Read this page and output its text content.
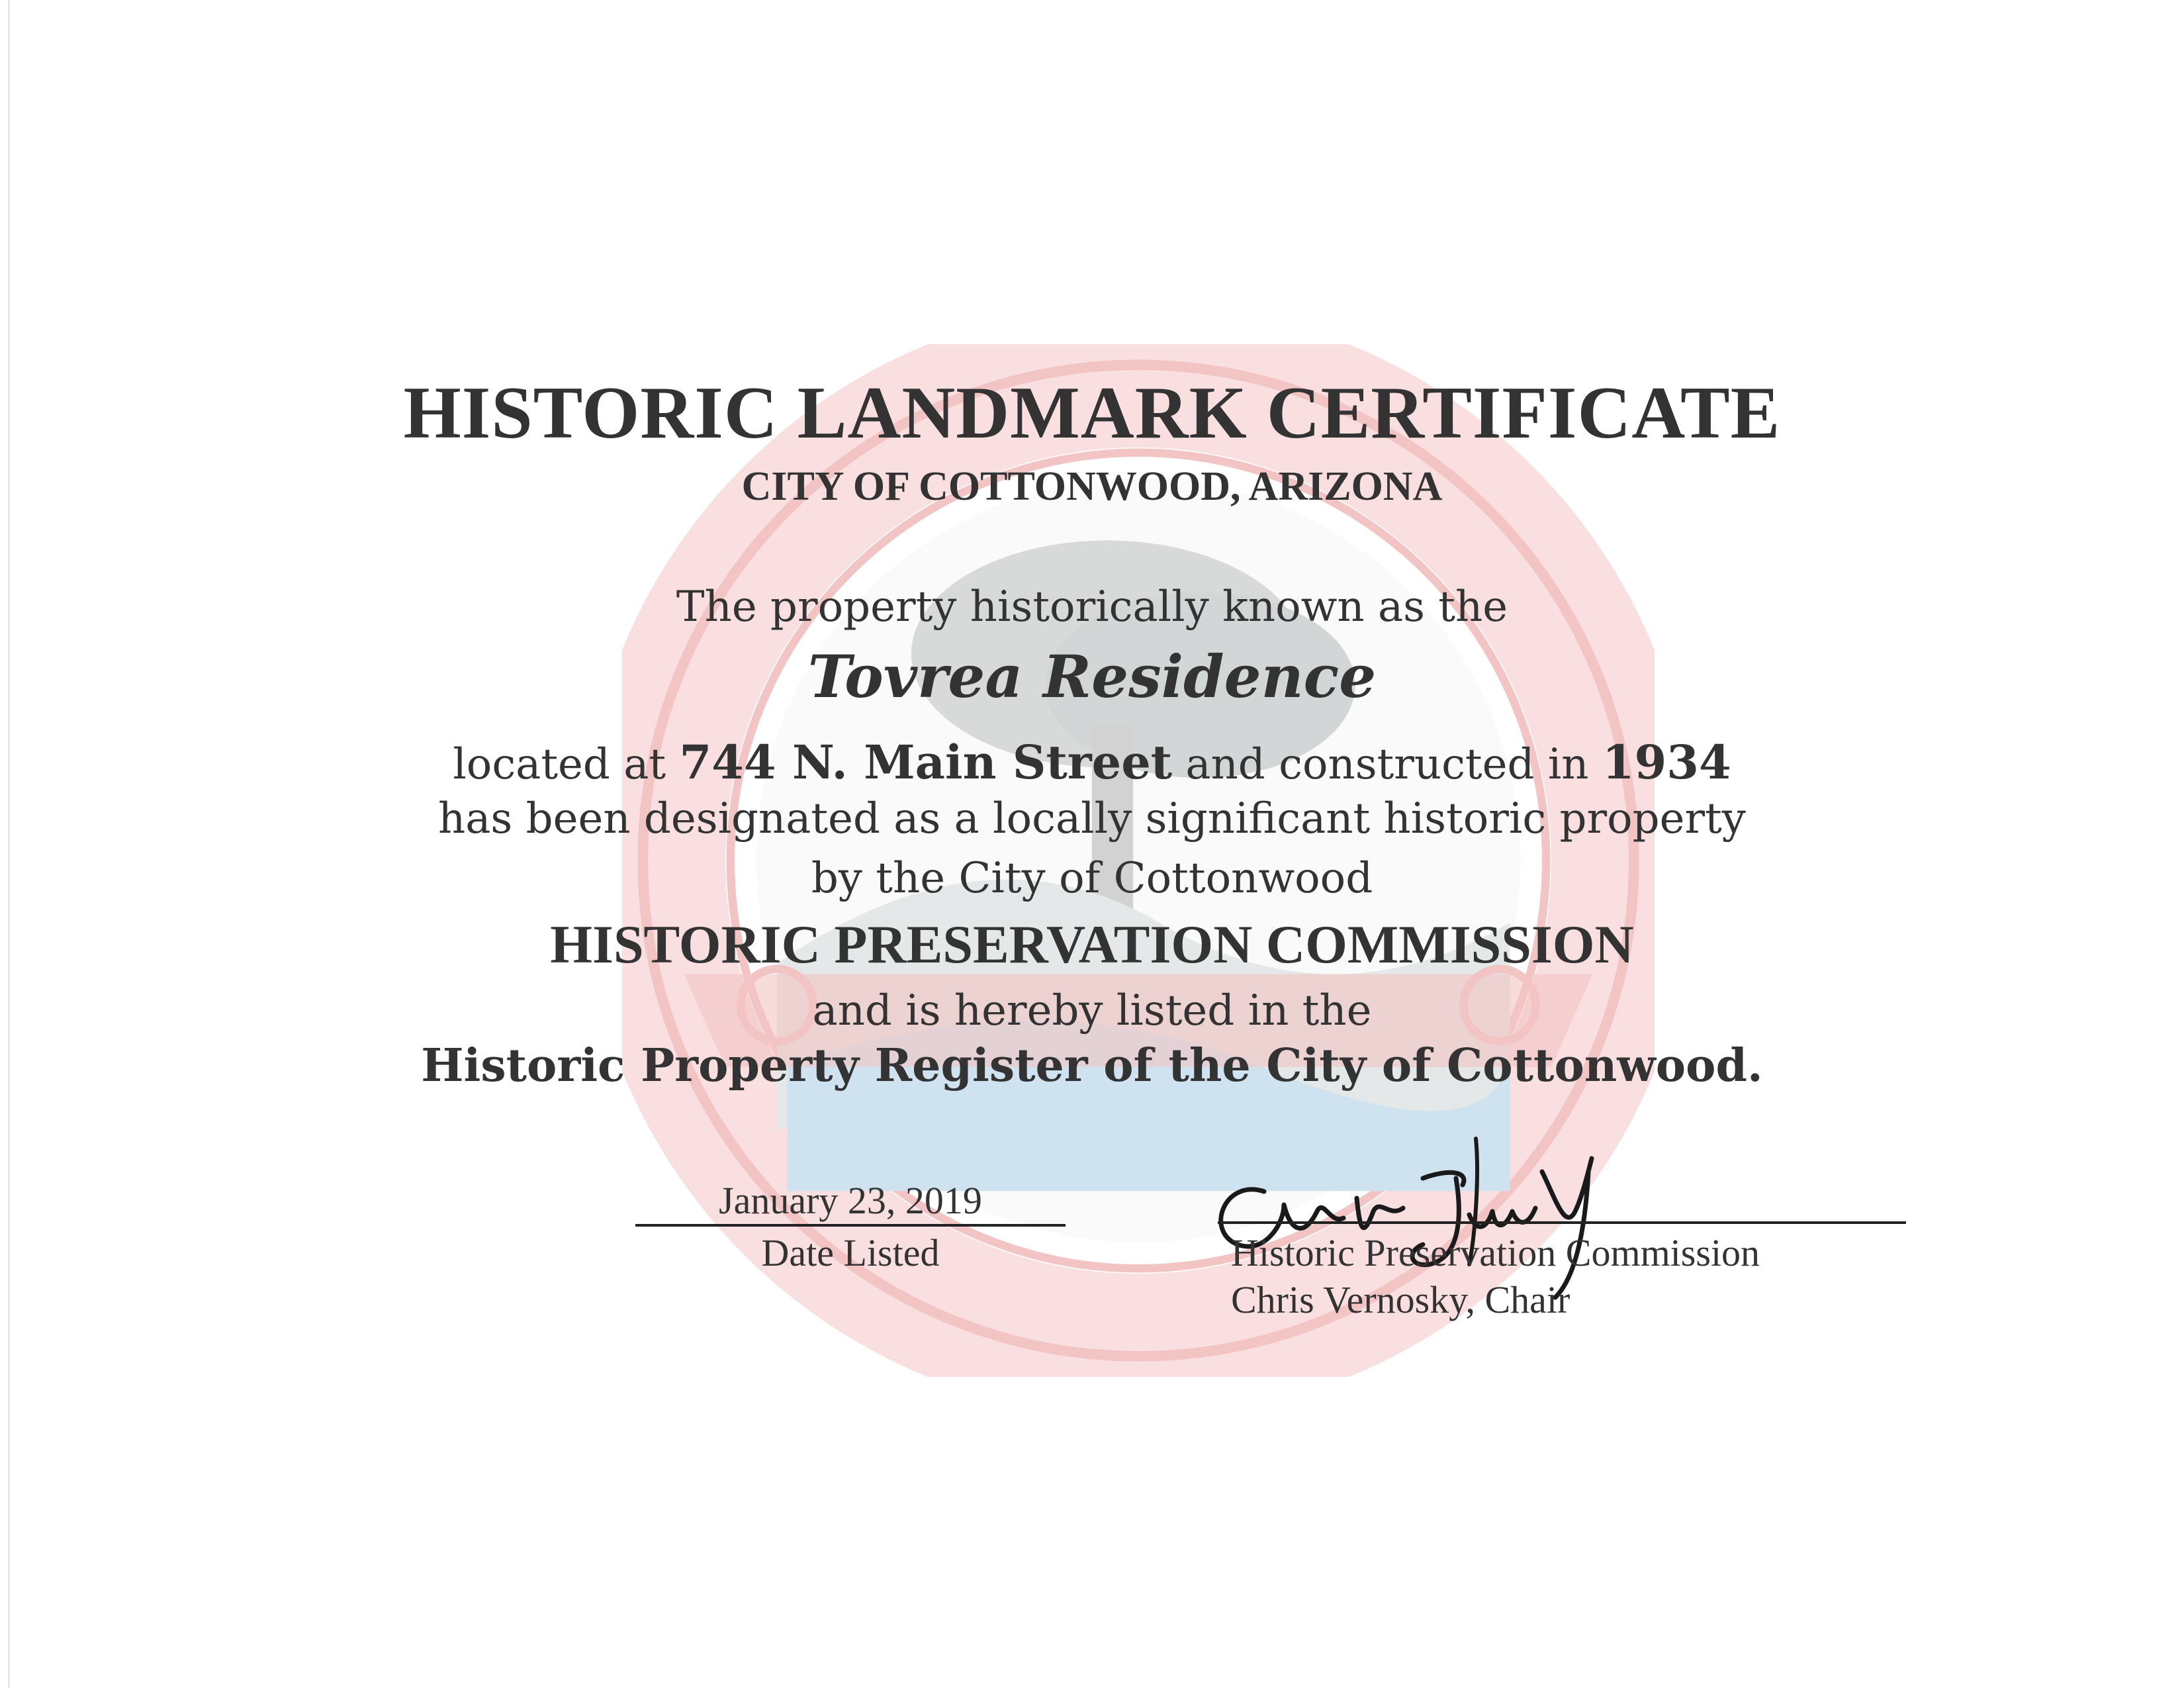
HISTORIC LANDMARK CERTIFICATE
CITY OF COTTONWOOD, ARIZONA
The property historically known as the
Tovrea Residence
located at 744 N. Main Street and constructed in 1934
has been designated as a locally significant historic property
by the City of Cottonwood
HISTORIC PRESERVATION COMMISSION
and is hereby listed in the
Historic Property Register of the City of Cottonwood.
January 23, 2019
Date Listed	Historic Preservation Commission
Chris Vernosky, Chair
